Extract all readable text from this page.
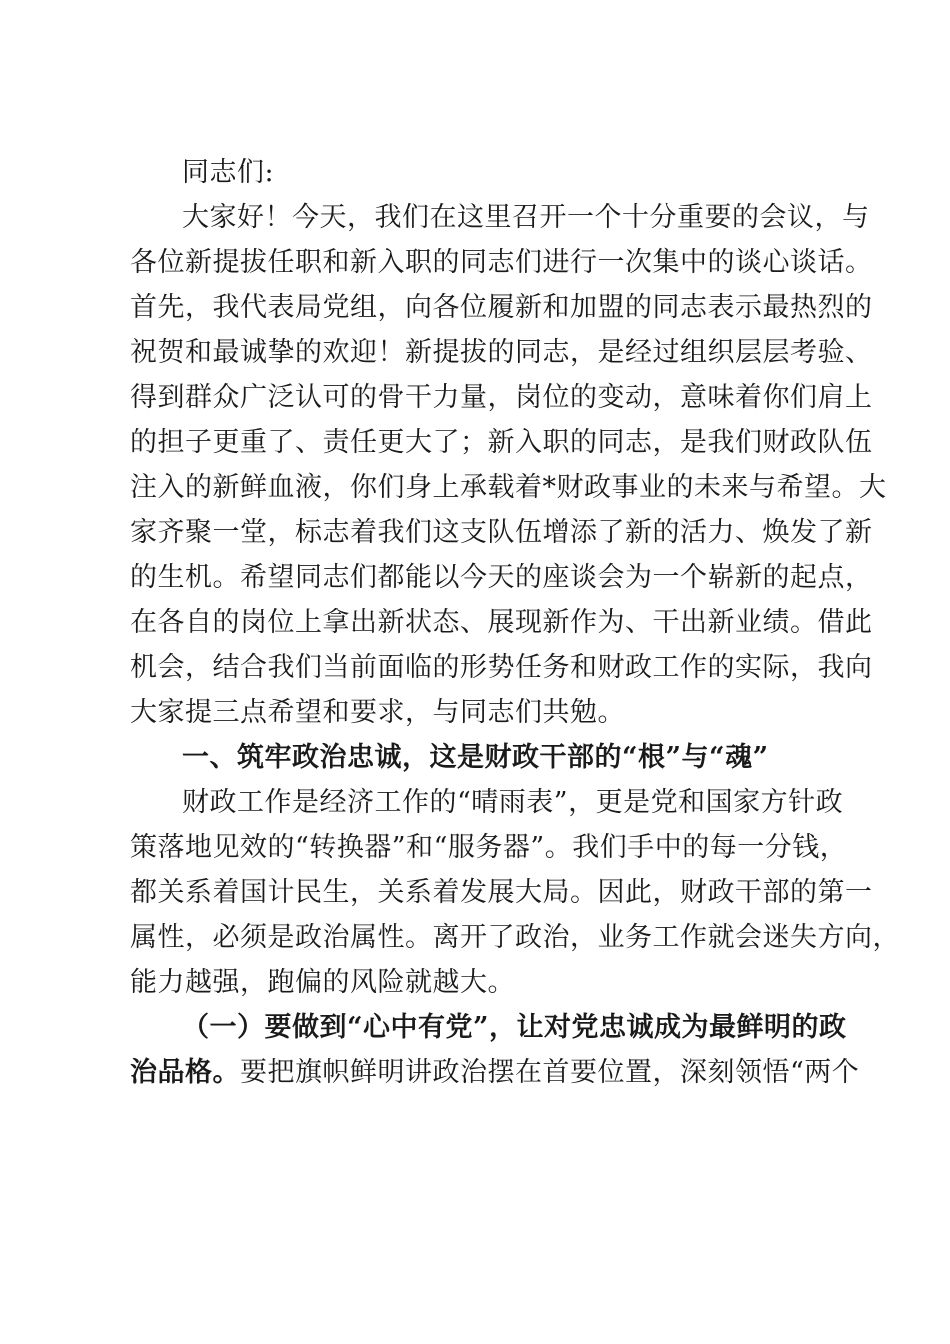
同志们:
大家好！今天，我们在这里召开一个十分重要的会议，与
各位新提拔任职和新入职的同志们进行一次集中的谈心谈话。
首先，我代表局党组，向各位履新和加盟的同志表示最热烈的
祝贺和最诚挚的欢迎！新提拔的同志，是经过组织层层考验、
得到群众广泛认可的骨干力量，岗位的变动，意味着你们肩上
的担子更重了、责任更大了；新入职的同志，是我们财政队伍
注入的新鲜血液，你们身上承载着*财政事业的未来与希望。大
家齐聚一堂，标志着我们这支队伍增添了新的活力、焕发了新
的生机。希望同志们都能以今天的座谈会为一个崭新的起点，
在各自的岗位上拿出新状态、展现新作为、干出新业绩。借此
机会，结合我们当前面临的形势任务和财政工作的实际，我向
大家提三点希望和要求，与同志们共勉。
一、筑牢政治忠诚，这是财政干部的“根”与“魂”
财政工作是经济工作的“晴雨表”，更是党和国家方针政
策落地见效的“转换器”和“服务器”。我们手中的每一分钱，
都关系着国计民生，关系着发展大局。因此，财政干部的第一
属性，必须是政治属性。离开了政治，业务工作就会迷失方向，
能力越强，跑偏的风险就越大。
（一）要做到“心中有党”，让对党忠诚成为最鲜明的政
治品格。要把旗帜鲜明讲政治摆在首要位置，深刻领悟“两个
